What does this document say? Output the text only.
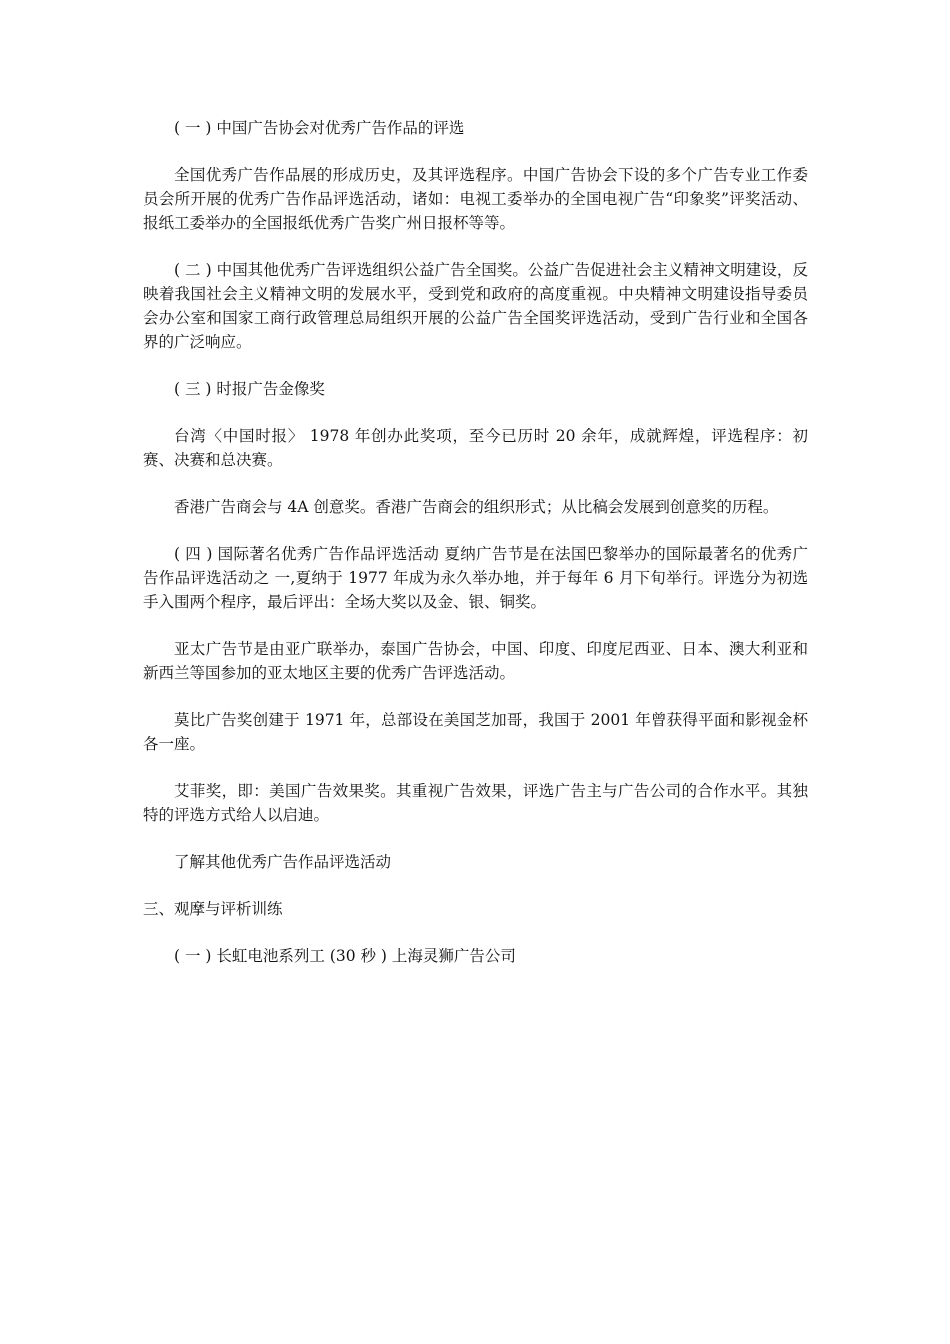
( 一 ) 中国广告协会对优秀广告作品的评选

全国优秀广告作品展的形成历史，及其评选程序。中国广告协会下设的多个广告专业工作委员会所开展的优秀广告作品评选活动，诸如：电视工委举办的全国电视广告“印象奖”评奖活动、报纸工委举办的全国报纸优秀广告奖广州日报杯等等。

( 二 ) 中国其他优秀广告评选组织公益广告全国奖。公益广告促进社会主义精神文明建设，反映着我国社会主义精神文明的发展水平，受到党和政府的高度重视。中央精神文明建设指导委员会办公室和国家工商行政管理总局组织开展的公益广告全国奖评选活动，受到广告行业和全国各界的广泛响应。

( 三 ) 时报广告金像奖

台湾〈中国时报〉 1978 年创办此奖项，至今已历时 20 余年，成就辉煌，评选程序：初赛、决赛和总决赛。

香港广告商会与 4A 创意奖。香港广告商会的组织形式；从比稿会发展到创意奖的历程。

( 四 ) 国际著名优秀广告作品评选活动 夏纳广告节是在法国巴黎举办的国际最著名的优秀广告作品评选活动之 一,夏纳于 1977 年成为永久举办地，并于每年 6 月下旬举行。评选分为初选手入围两个程序，最后评出：全场大奖以及金、银、铜奖。

亚太广告节是由亚广联举办，泰国广告协会，中国、印度、印度尼西亚、日本、澳大利亚和新西兰等国参加的亚太地区主要的优秀广告评选活动。

莫比广告奖创建于 1971 年，总部设在美国芝加哥，我国于 2001 年曾获得平面和影视金杯各一座。

艾菲奖，即：美国广告效果奖。其重视广告效果，评选广告主与广告公司的合作水平。其独特的评选方式给人以启迪。

了解其他优秀广告作品评选活动

三、观摩与评析训练

( 一 ) 长虹电池系列工 (30 秒 ) 上海灵狮广告公司
